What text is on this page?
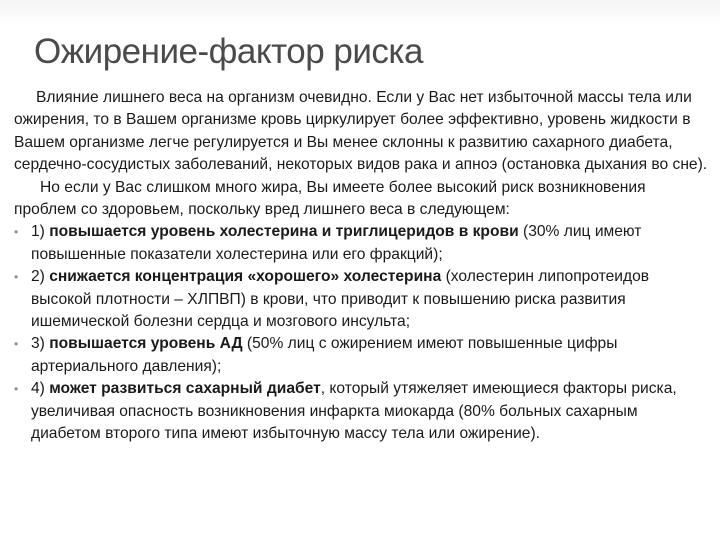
Ожирение-фактор риска

Влияние лишнего веса на организм очевидно. Если у Вас нет избыточной массы тела или ожирения, то в Вашем организме кровь циркулирует более эффективно, уровень жидкости в Вашем организме легче регулируется и Вы менее склонны к развитию сахарного диабета, сердечно-сосудистых заболеваний, некоторых видов рака и апноэ (остановка дыхания во сне).

Но если у Вас слишком много жира, Вы имеете более высокий риск возникновения проблем со здоровьем, поскольку вред лишнего веса в следующем:

• 1) повышается уровень холестерина и триглицеридов в крови (30% лиц имеют повышенные показатели холестерина или его фракций);
• 2) снижается концентрация «хорошего» холестерина (холестерин липопротеидов высокой плотности – ХЛПВП) в крови, что приводит к повышению риска развития ишемической болезни сердца и мозгового инсульта;
• 3) повышается уровень АД (50% лиц с ожирением имеют повышенные цифры артериального давления);
• 4) может развиться сахарный диабет, который утяжеляет имеющиеся факторы риска, увеличивая опасность возникновения инфаркта миокарда (80% больных сахарным диабетом второго типа имеют избыточную массу тела или ожирение).
